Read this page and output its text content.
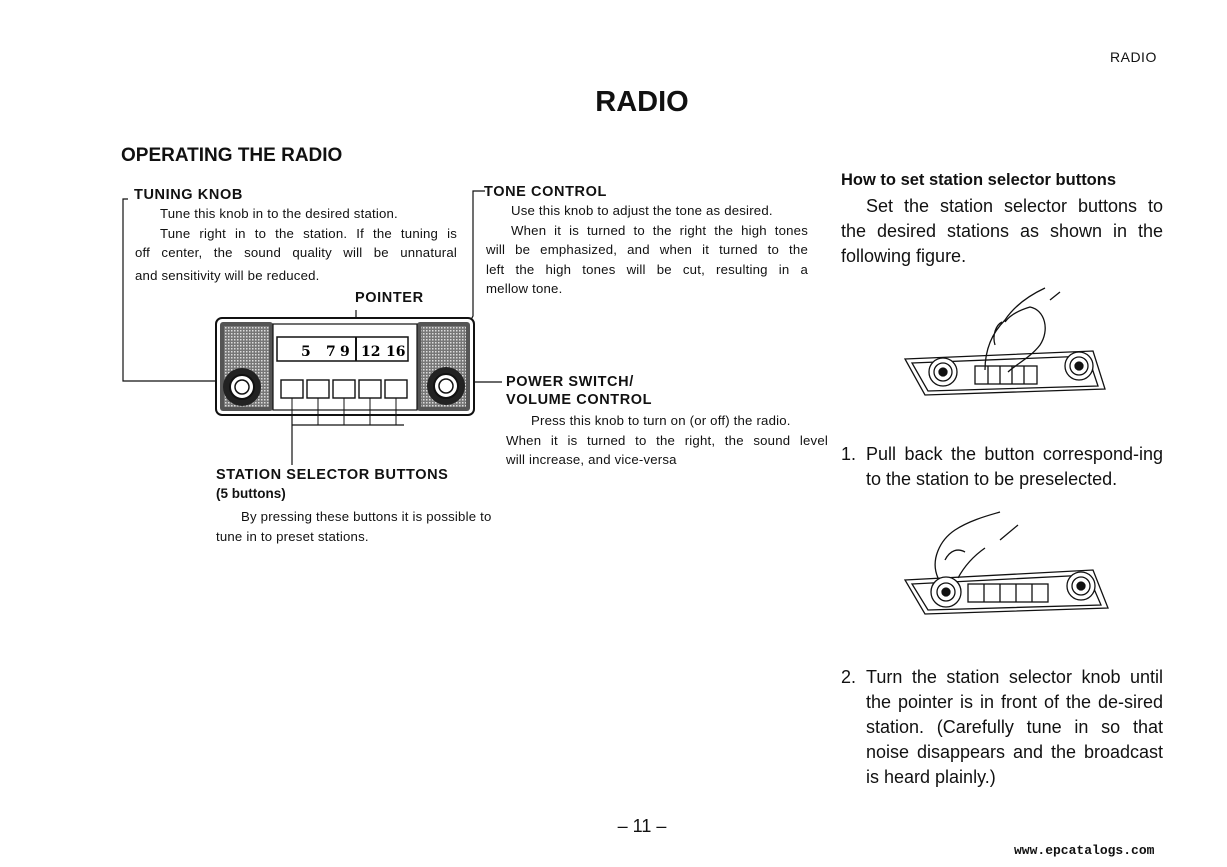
RADIO
RADIO
OPERATING THE RADIO
5 7 9 12 16
POINTER
TUNING KNOB
Tune this knob in to the desired station.
Tune right in to the station. If the tuning is
off center, the sound quality will be unnatural
and sensitivity will be reduced.
TONE CONTROL
Use this knob to adjust the tone as desired.
When it is turned to the right the high tones
will be emphasized, and when it turned to the
left the high tones will be cut, resulting in a
mellow tone.
POWER SWITCH/
VOLUME CONTROL
Press this knob to turn on (or off) the radio.
When it is turned to the right, the sound level
will increase, and vice-versa
STATION SELECTOR BUTTONS
(5 buttons)
By pressing these buttons it is possible to
tune in to preset stations.
How to set station selector buttons
Set the station selector buttons to the desired stations as shown in the following figure.
1. Pull back the button correspond-ing to the station to be preselected.
2. Turn the station selector knob until the pointer is in front of the de-sired station. (Carefully tune in so that noise disappears and the broadcast is heard plainly.)
– 11 –
www.epcatalogs.com
